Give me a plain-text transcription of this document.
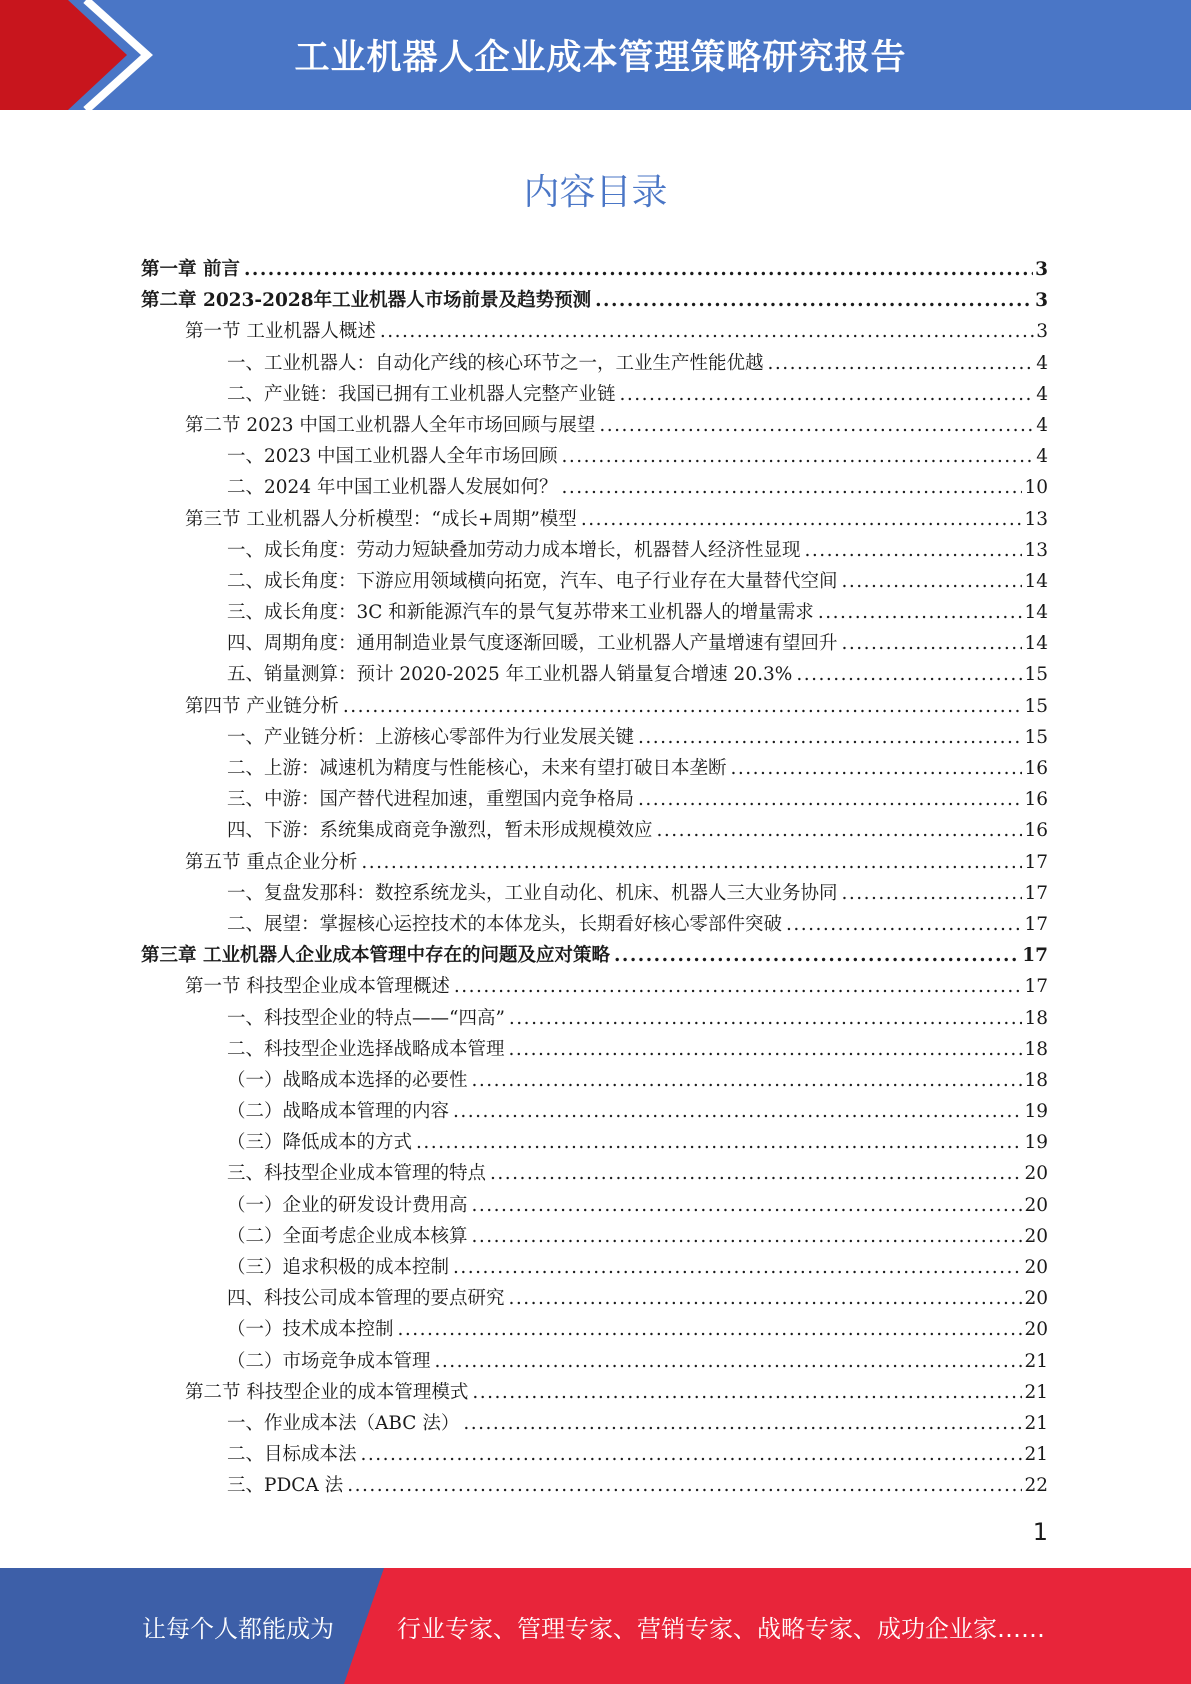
工业机器人企业成本管理策略研究报告
内容目录
第一章 前言 .....	3
第二章 2023-2028年工业机器人市场前景及趋势预测 .....	3
第一节 工业机器人概述 .....	3
一、工业机器人：自动化产线的核心环节之一，工业生产性能优越 .....	4
二、产业链：我国已拥有工业机器人完整产业链 .....	4
第二节 2023 中国工业机器人全年市场回顾与展望 .....	4
一、2023 中国工业机器人全年市场回顾 .....	4
二、2024 年中国工业机器人发展如何？ .....	10
第三节 工业机器人分析模型：“成长+周期”模型 .....	13
一、成长角度：劳动力短缺叠加劳动力成本增长，机器替人经济性显现 .....	13
二、成长角度：下游应用领域横向拓宽，汽车、电子行业存在大量替代空间 .....	14
三、成长角度：3C 和新能源汽车的景气复苏带来工业机器人的增量需求 .....	14
四、周期角度：通用制造业景气度逐渐回暖，工业机器人产量增速有望回升 .....	14
五、销量测算：预计 2020-2025 年工业机器人销量复合增速 20.3% .....	15
第四节 产业链分析 .....	15
一、产业链分析：上游核心零部件为行业发展关键 .....	15
二、上游：减速机为精度与性能核心，未来有望打破日本垄断 .....	16
三、中游：国产替代进程加速，重塑国内竞争格局 .....	16
四、下游：系统集成商竞争激烈，暂未形成规模效应 .....	16
第五节 重点企业分析 .....	17
一、复盘发那科：数控系统龙头，工业自动化、机床、机器人三大业务协同 .....	17
二、展望：掌握核心运控技术的本体龙头，长期看好核心零部件突破 .....	17
第三章 工业机器人企业成本管理中存在的问题及应对策略 .....	17
第一节 科技型企业成本管理概述 .....	17
一、科技型企业的特点——“四高” .....	18
二、科技型企业选择战略成本管理 .....	18
（一）战略成本选择的必要性 .....	18
（二）战略成本管理的内容 .....	19
（三）降低成本的方式 .....	19
三、科技型企业成本管理的特点 .....	20
（一）企业的研发设计费用高 .....	20
（二）全面考虑企业成本核算 .....	20
（三）追求积极的成本控制 .....	20
四、科技公司成本管理的要点研究 .....	20
（一）技术成本控制 .....	20
（二）市场竞争成本管理 .....	21
第二节 科技型企业的成本管理模式 .....	21
一、作业成本法（ABC 法） .....	21
二、目标成本法 .....	21
三、PDCA 法 .....	22
1
让每个人都能成为	行业专家、管理专家、营销专家、战略专家、成功企业家……
